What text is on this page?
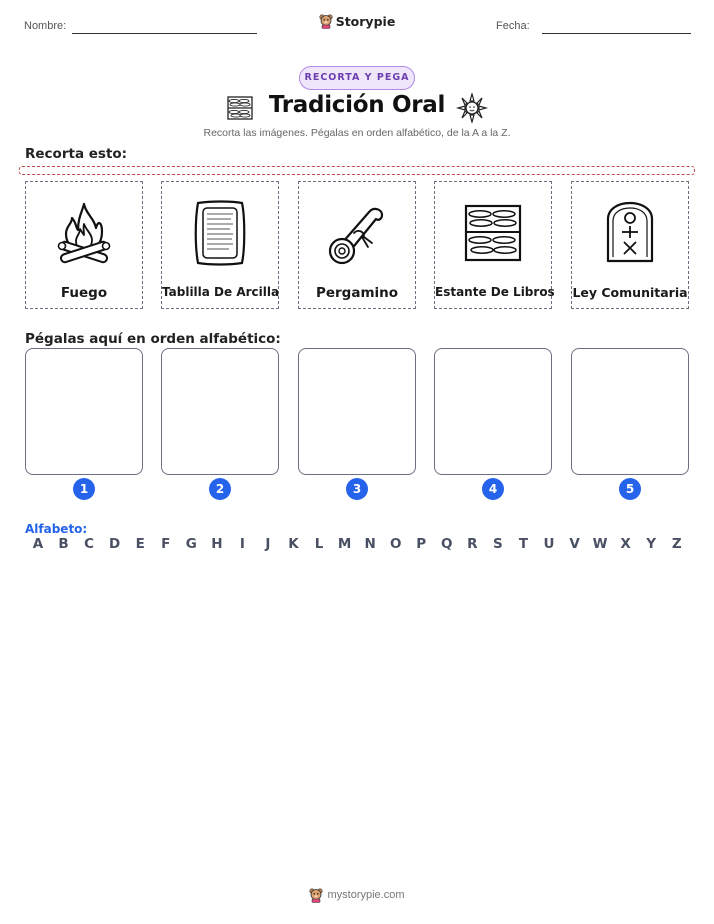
Nombre:	Storypie	Fecha:
RECORTA Y PEGA
Tradición Oral
Recorta las imágenes. Pégalas en orden alfabético, de la A a la Z.
Recorta esto:
Fuego	Tablilla De Arcilla	Pergamino	Estante De Libros Ley Comunitaria
Pégalas aquí en orden alfabético:
1	2	3	4	5
Alfabeto:
A	B	C	D	E	F	G	H	I	J	K	L	M N	O	P	Q	R	S	T	U	V W X	Y	Z
mystorypie.com
